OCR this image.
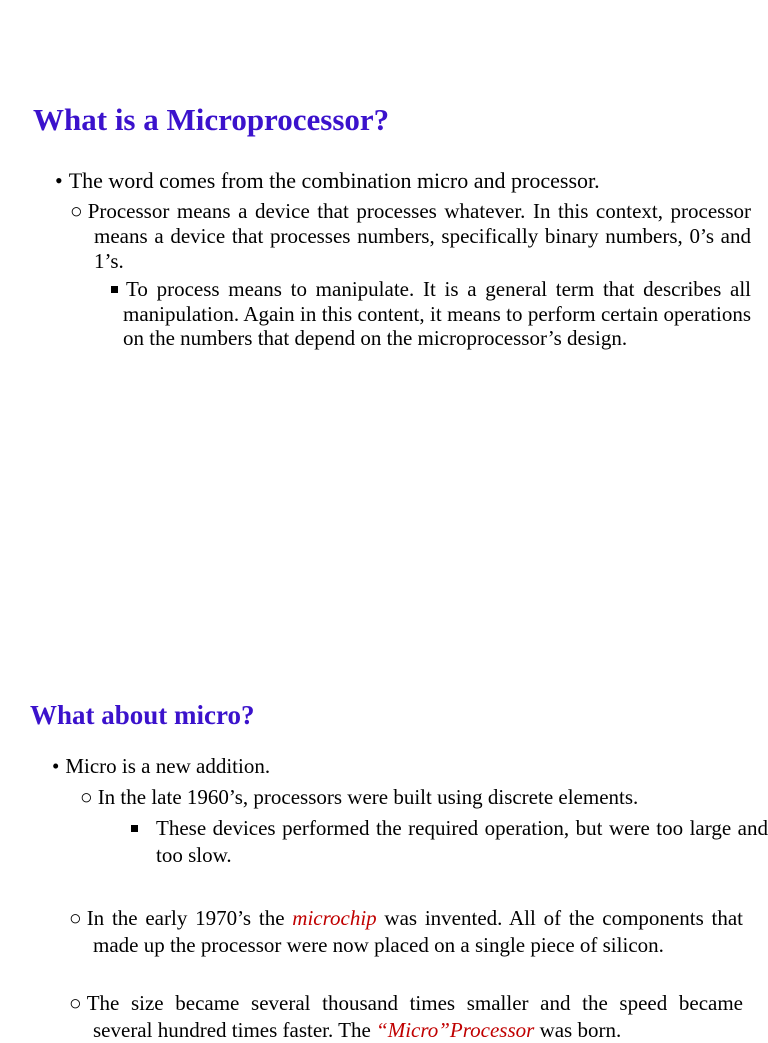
What is a Microprocessor?

• The word comes from the combination micro and processor.

○ Processor means a device that processes whatever. In this context, processor means a device that processes numbers, specifically binary numbers, 0’s and 1’s.

To process means to manipulate. It is a general term that describes all manipulation. Again in this content, it means to perform certain operations on the numbers that depend on the microprocessor’s design.

What about micro?

• Micro is a new addition.

○ In the late 1960’s, processors were built using discrete elements.

These devices performed the required operation, but were too large and too slow.

○ In the early 1970’s the microchip was invented. All of the components that made up the processor were now placed on a single piece of silicon.

○ The size became several thousand times smaller and the speed became several hundred times faster. The “Micro”Processor was born.
